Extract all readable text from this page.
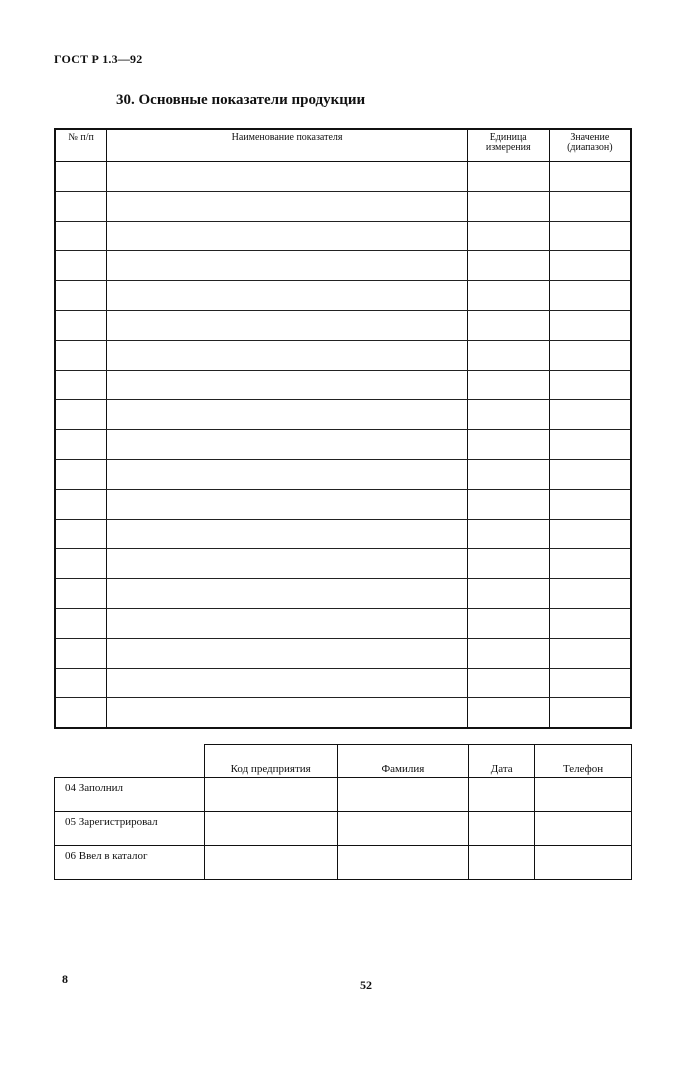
ГОСТ Р 1.3—92
30. Основные показатели продукции
№ п/п	Наименование показателя	Единица измерения	Значение (диапазон)

	Код предприятия	Фамилия	Дата	Телефон
04 Заполнил				
05 Зарегистрировал				
06 Ввел в каталог				
8	52
